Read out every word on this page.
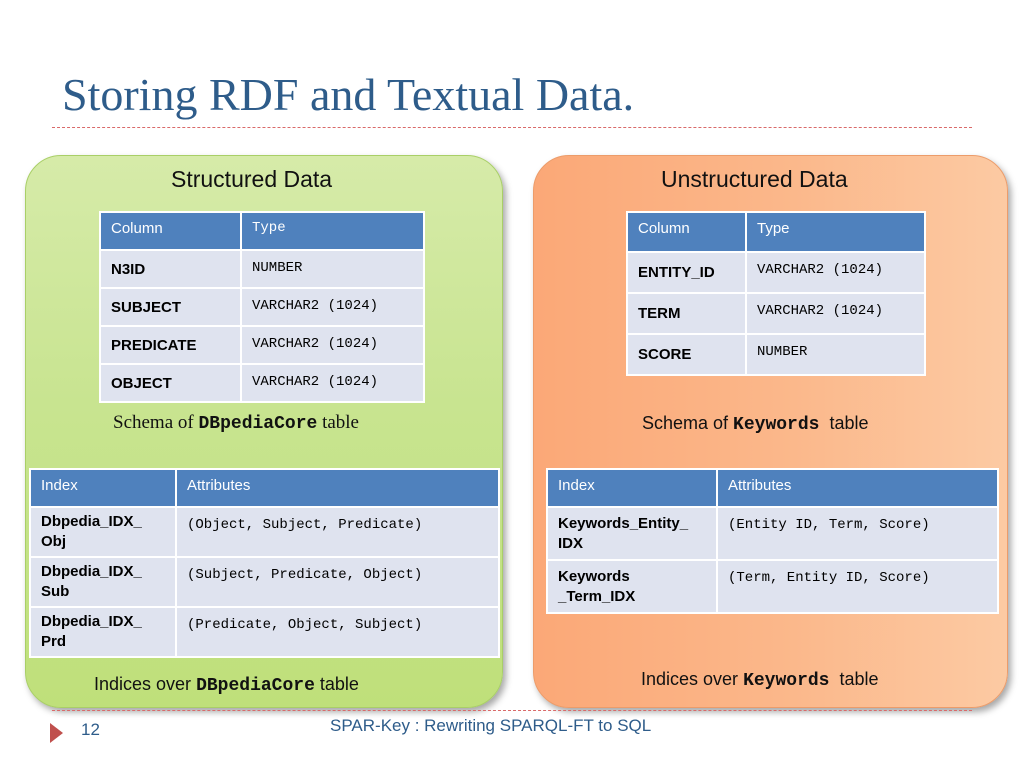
Storing RDF and Textual Data.
Structured Data
Column	Type
N3ID	NUMBER
SUBJECT	VARCHAR2 (1024)
PREDICATE	VARCHAR2 (1024)
OBJECT	VARCHAR2 (1024)
Schema of DBpediaCore table
Index	Attributes
Dbpedia_IDX_
Obj	(Object, Subject, Predicate)
Dbpedia_IDX_
Sub	(Subject, Predicate, Object)
Dbpedia_IDX_
Prd	(Predicate, Object, Subject)
Indices over DBpediaCore table
Unstructured Data
Column	Type
ENTITY_ID	VARCHAR2 (1024)
TERM	VARCHAR2 (1024)
SCORE	NUMBER
Schema of Keywords  table
Index	Attributes
Keywords_Entity_
IDX	(Entity ID, Term, Score)
Keywords
_Term_IDX	(Term, Entity ID, Score)
Indices over Keywords  table
12	SPAR-Key : Rewriting SPARQL-FT to SQL
